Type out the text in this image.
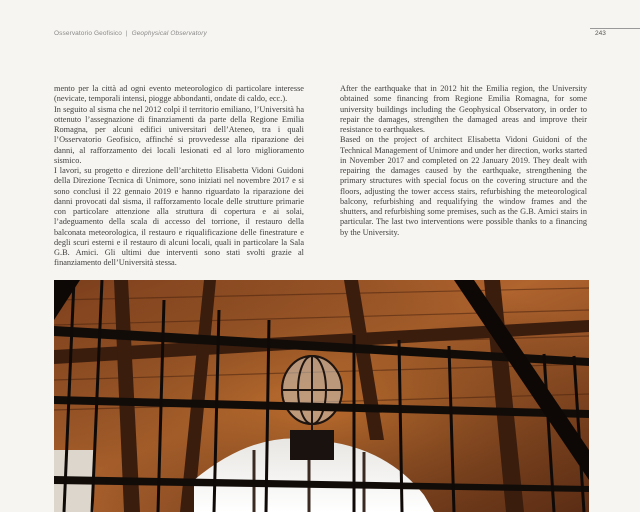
Osservatorio Geofisico | Geophysical Observatory	243

mento per la città ad ogni evento meteorologico di particolare interesse (nevicate, temporali intensi, piogge abbondanti, ondate di caldo, ecc.).

In seguito al sisma che nel 2012 colpì il territorio emiliano, l’Università ha ottenuto l’assegnazione di finanziamenti da parte della Regione Emilia Romagna, per alcuni edifici universitari dell’Ateneo, tra i quali l’Osservatorio Geofisico, affinché si provvedesse alla riparazione dei danni, al rafforzamento dei locali lesionati ed al loro miglioramento sismico.

I lavori, su progetto e direzione dell’architetto Elisabetta Vidoni Guidoni della Direzione Tecnica di Unimore, sono iniziati nel novembre 2017 e si sono conclusi il 22 gennaio 2019 e hanno riguardato la riparazione dei danni provocati dal sisma, il rafforzamento locale delle strutture primarie con particolare attenzione alla struttura di copertura e ai solai, l’adeguamento della scala di accesso del torrione, il restauro della balconata meteorologica, il restauro e riqualificazione delle finestrature e degli scuri esterni e il restauro di alcuni locali, quali in particolare la Sala G.B. Amici. Gli ultimi due interventi sono stati svolti grazie al finanziamento dell’Università stessa.

After the earthquake that in 2012 hit the Emilia region, the University obtained some financing from Regione Emilia Romagna, for some university buildings including the Geophysical Observatory, in order to repair the damages, strengthen the damaged areas and improve their resistance to earthquakes.

Based on the project of architect Elisabetta Vidoni Guidoni of the Technical Management of Unimore and under her direction, works started in November 2017 and completed on 22 January 2019. They dealt with repairing the damages caused by the earthquake, strengthening the primary structures with special focus on the covering structure and the floors, adjusting the tower access stairs, refurbishing the meteorological balcony, refurbishing and requalifying the window frames and the shutters, and refurbishing some premises, such as the G.B. Amici stairs in particular. The last two interventions were possible thanks to a financing by the University.
